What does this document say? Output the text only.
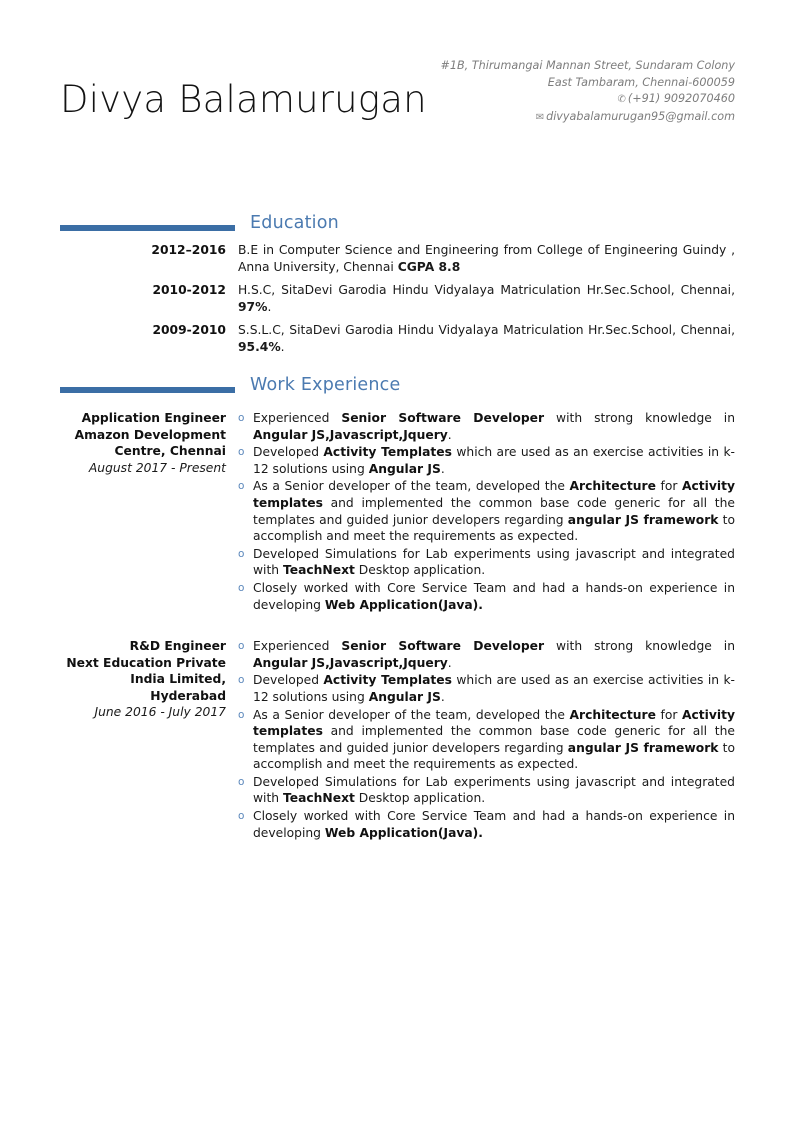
Divya Balamurugan
#1B, Thirumangai Mannan Street, Sundaram Colony
East Tambaram, Chennai-600059
✆ (+91) 9092070460
✉ divyabalamurugan95@gmail.com
Education
2012–2016 B.E in Computer Science and Engineering from College of Engineering Guindy , Anna University, Chennai CGPA 8.8
2010-2012 H.S.C, SitaDevi Garodia Hindu Vidyalaya Matriculation Hr.Sec.School, Chennai, 97%.
2009-2010 S.S.L.C, SitaDevi Garodia Hindu Vidyalaya Matriculation Hr.Sec.School, Chennai, 95.4%.
Work Experience
Application Engineer
Amazon Development
Centre, Chennai
August 2017 - Present
o Experienced Senior Software Developer with strong knowledge in Angular JS,Javascript,Jquery.
o Developed Activity Templates which are used as an exercise activities in k-12 solutions using Angular JS.
o As a Senior developer of the team, developed the Architecture for Activity templates and implemented the common base code generic for all the templates and guided junior developers regarding angular JS framework to accomplish and meet the requirements as expected.
o Developed Simulations for Lab experiments using javascript and integrated with TeachNext Desktop application.
o Closely worked with Core Service Team and had a hands-on experience in developing Web Application(Java).
R&D Engineer
Next Education Private
India Limited, Hyderabad
June 2016 - July 2017
o Experienced Senior Software Developer with strong knowledge in Angular JS,Javascript,Jquery.
o Developed Activity Templates which are used as an exercise activities in k-12 solutions using Angular JS.
o As a Senior developer of the team, developed the Architecture for Activity templates and implemented the common base code generic for all the templates and guided junior developers regarding angular JS framework to accomplish and meet the requirements as expected.
o Developed Simulations for Lab experiments using javascript and integrated with TeachNext Desktop application.
o Closely worked with Core Service Team and had a hands-on experience in developing Web Application(Java).
